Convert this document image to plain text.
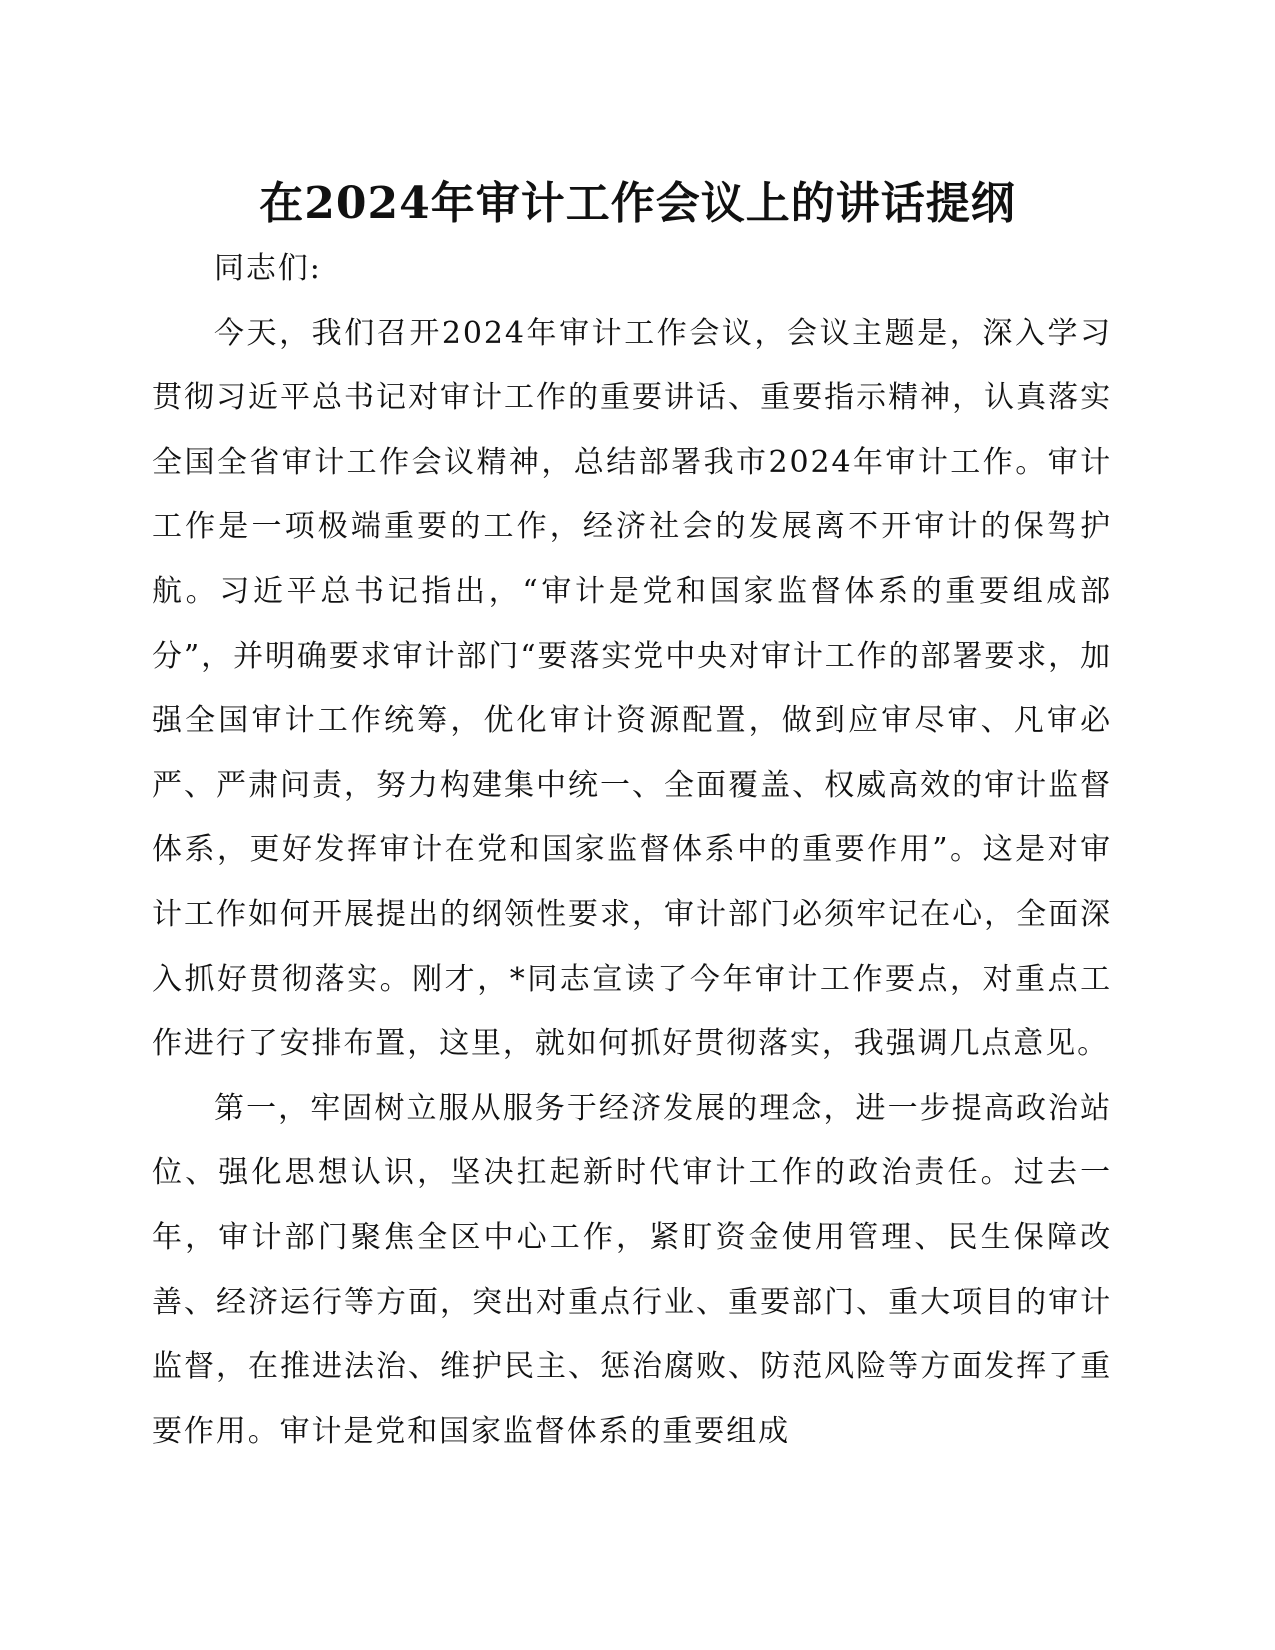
在2024年审计工作会议上的讲话提纲

同志们:

今天，我们召开2024年审计工作会议，会议主题是，深入学习贯彻习近平总书记对审计工作的重要讲话、重要指示精神，认真落实全国全省审计工作会议精神，总结部署我市2024年审计工作。审计工作是一项极端重要的工作，经济社会的发展离不开审计的保驾护航。习近平总书记指出，“审计是党和国家监督体系的重要组成部分”，并明确要求审计部门“要落实党中央对审计工作的部署要求，加强全国审计工作统筹，优化审计资源配置，做到应审尽审、凡审必严、严肃问责，努力构建集中统一、全面覆盖、权威高效的审计监督体系，更好发挥审计在党和国家监督体系中的重要作用”。这是对审计工作如何开展提出的纲领性要求，审计部门必须牢记在心，全面深入抓好贯彻落实。刚才，*同志宣读了今年审计工作要点，对重点工作进行了安排布置，这里，就如何抓好贯彻落实，我强调几点意见。

第一，牢固树立服从服务于经济发展的理念，进一步提高政治站位、强化思想认识，坚决扛起新时代审计工作的政治责任。过去一年，审计部门聚焦全区中心工作，紧盯资金使用管理、民生保障改善、经济运行等方面，突出对重点行业、重要部门、重大项目的审计监督，在推进法治、维护民主、惩治腐败、防范风险等方面发挥了重要作用。审计是党和国家监督体系的重要组成
